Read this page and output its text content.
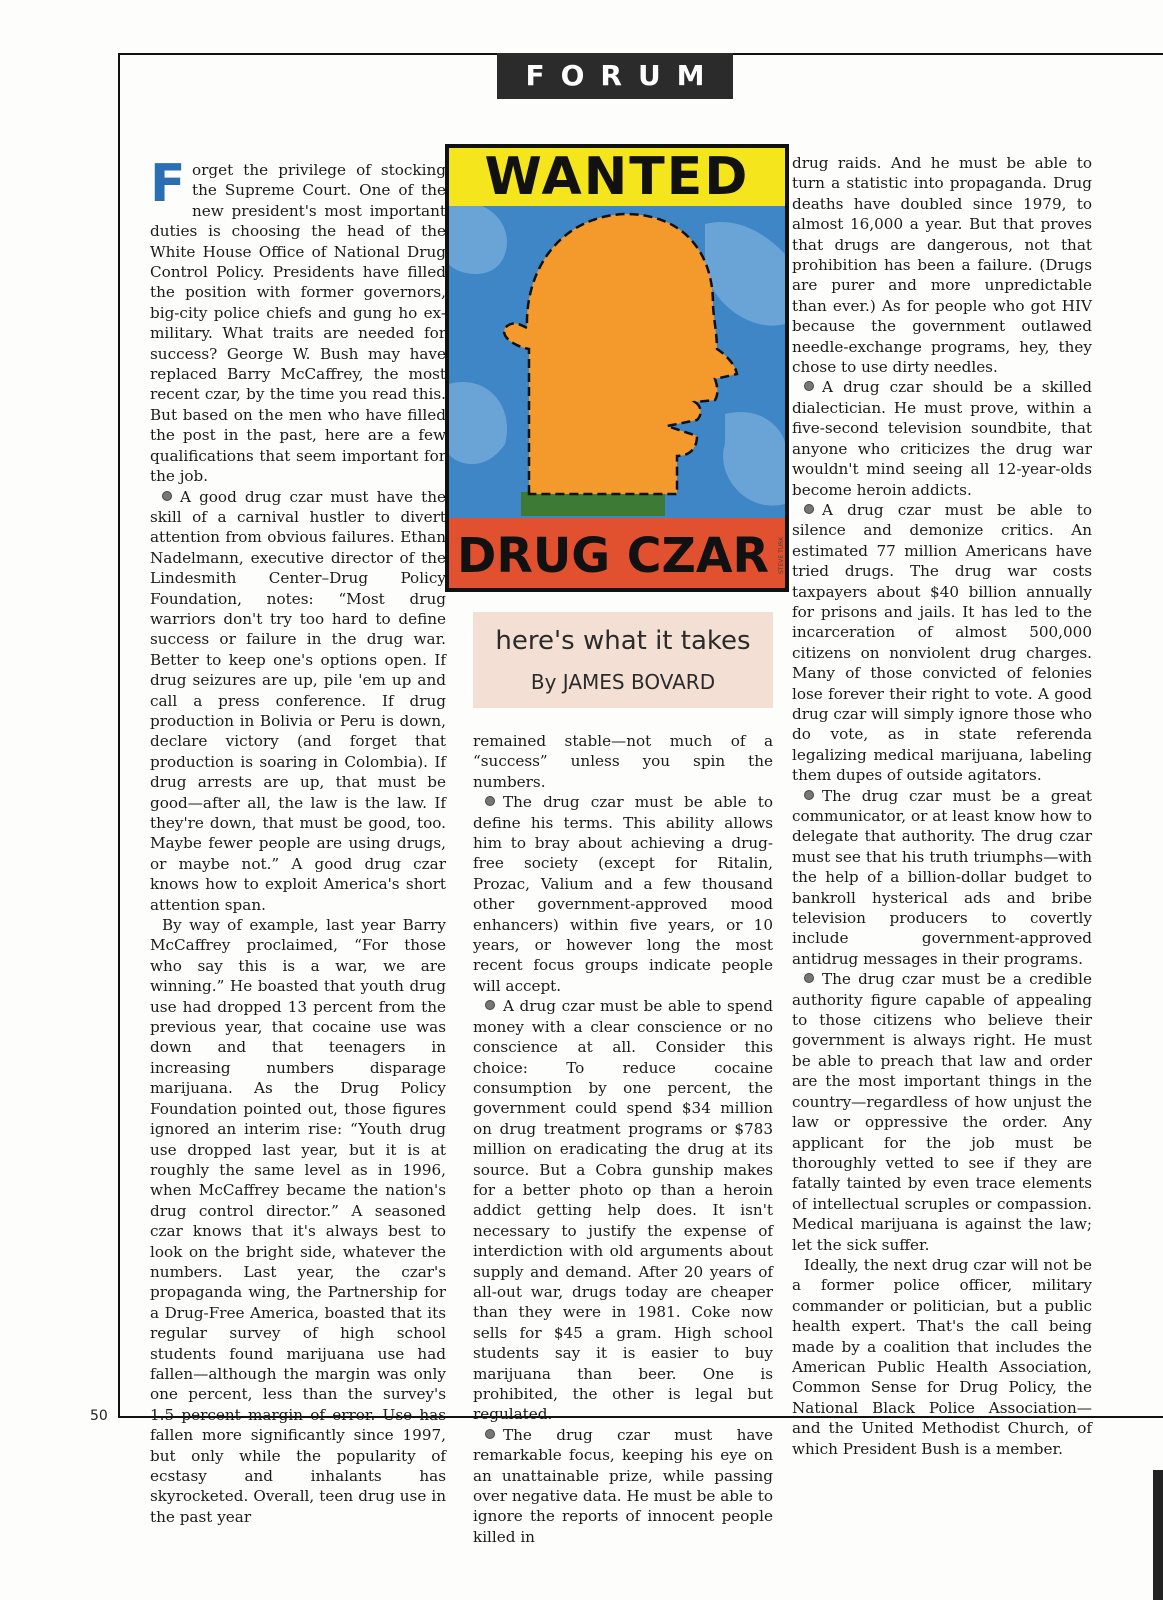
FORUM
WANTED
DRUG CZAR STEVE TURK
here's what it takes
By JAMES BOVARD

Forget the privilege of stocking the Supreme Court. One of the new president's most important duties is choosing the head of the White House Office of National Drug Control Policy. Presidents have filled the position with former governors, big-city police chiefs and gung ho ex-military. What traits are needed for success? George W. Bush may have replaced Barry McCaffrey, the most recent czar, by the time you read this. But based on the men who have filled the post in the past, here are a few qualifications that seem important for the job.

A good drug czar must have the skill of a carnival hustler to divert attention from obvious failures. Ethan Nadelmann, executive director of the Lindesmith Center–Drug Policy Foundation, notes: “Most drug warriors don't try too hard to define success or failure in the drug war. Better to keep one's options open. If drug seizures are up, pile 'em up and call a press conference. If drug production in Bolivia or Peru is down, declare victory (and forget that production is soaring in Colombia). If drug arrests are up, that must be good—after all, the law is the law. If they're down, that must be good, too. Maybe fewer people are using drugs, or maybe not.” A good drug czar knows how to exploit America's short attention span.

By way of example, last year Barry McCaffrey proclaimed, “For those who say this is a war, we are winning.” He boasted that youth drug use had dropped 13 percent from the previous year, that cocaine use was down and that teenagers in increasing numbers disparage marijuana. As the Drug Policy Foundation pointed out, those figures ignored an interim rise: “Youth drug use dropped last year, but it is at roughly the same level as in 1996, when McCaffrey became the nation's drug control director.” A seasoned czar knows that it's always best to look on the bright side, whatever the numbers. Last year, the czar's propaganda wing, the Partnership for a Drug-Free America, boasted that its regular survey of high school students found marijuana use had fallen—although the margin was only one percent, less than the survey's 1.5 percent margin of error. Use has fallen more significantly since 1997, but only while the popularity of ecstasy and inhalants has skyrocketed. Overall, teen drug use in the past year

remained stable—not much of a “success” unless you spin the numbers.

The drug czar must be able to define his terms. This ability allows him to bray about achieving a drug-free society (except for Ritalin, Prozac, Valium and a few thousand other government-approved mood enhancers) within five years, or 10 years, or however long the most recent focus groups indicate people will accept.

A drug czar must be able to spend money with a clear conscience or no conscience at all. Consider this choice: To reduce cocaine consumption by one percent, the government could spend $34 million on drug treatment programs or $783 million on eradicating the drug at its source. But a Cobra gunship makes for a better photo op than a heroin addict getting help does. It isn't necessary to justify the expense of interdiction with old arguments about supply and demand. After 20 years of all-out war, drugs today are cheaper than they were in 1981. Coke now sells for $45 a gram. High school students say it is easier to buy marijuana than beer. One is prohibited, the other is legal but regulated.

The drug czar must have remarkable focus, keeping his eye on an unattainable prize, while passing over negative data. He must be able to ignore the reports of innocent people killed in

drug raids. And he must be able to turn a statistic into propaganda. Drug deaths have doubled since 1979, to almost 16,000 a year. But that proves that drugs are dangerous, not that prohibition has been a failure. (Drugs are purer and more unpredictable than ever.) As for people who got HIV because the government outlawed needle-exchange programs, hey, they chose to use dirty needles.

A drug czar should be a skilled dialectician. He must prove, within a five-second television soundbite, that anyone who criticizes the drug war wouldn't mind seeing all 12-year-olds become heroin addicts.

A drug czar must be able to silence and demonize critics. An estimated 77 million Americans have tried drugs. The drug war costs taxpayers about $40 billion annually for prisons and jails. It has led to the incarceration of almost 500,000 citizens on nonviolent drug charges. Many of those convicted of felonies lose forever their right to vote. A good drug czar will simply ignore those who do vote, as in state referenda legalizing medical marijuana, labeling them dupes of outside agitators.

The drug czar must be a great communicator, or at least know how to delegate that authority. The drug czar must see that his truth triumphs—with the help of a billion-dollar budget to bankroll hysterical ads and bribe television producers to covertly include government-approved antidrug messages in their programs.

The drug czar must be a credible authority figure capable of appealing to those citizens who believe their government is always right. He must be able to preach that law and order are the most important things in the country—regardless of how unjust the law or oppressive the order. Any applicant for the job must be thoroughly vetted to see if they are fatally tainted by even trace elements of intellectual scruples or compassion. Medical marijuana is against the law; let the sick suffer.

Ideally, the next drug czar will not be a former police officer, military commander or politician, but a public health expert. That's the call being made by a coalition that includes the American Public Health Association, Common Sense for Drug Policy, the National Black Police Association—and the United Methodist Church, of which President Bush is a member.

50
